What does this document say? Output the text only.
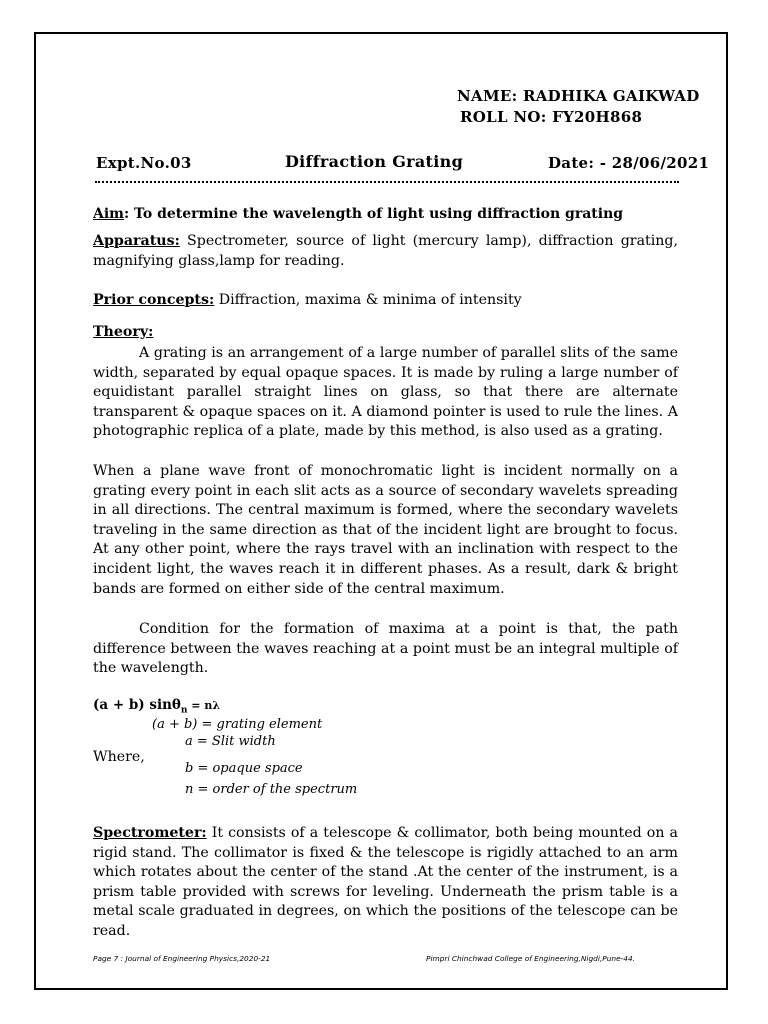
NAME: RADHIKA GAIKWAD
ROLL NO: FY20H868
Expt.No.03	Diffraction Grating	Date: - 28/06/2021
Aim: To determine the wavelength of light using diffraction grating
Apparatus: Spectrometer, source of light (mercury lamp), diffraction grating, magnifying glass,lamp for reading.
Prior concepts: Diffraction, maxima & minima of intensity
Theory:
A grating is an arrangement of a large number of parallel slits of the same width, separated by equal opaque spaces. It is made by ruling a large number of equidistant parallel straight lines on glass, so that there are alternate transparent & opaque spaces on it. A diamond pointer is used to rule the lines. A photographic replica of a plate, made by this method, is also used as a grating.
When a plane wave front of monochromatic light is incident normally on a grating every point in each slit acts as a source of secondary wavelets spreading in all directions. The central maximum is formed, where the secondary wavelets traveling in the same direction as that of the incident light are brought to focus. At any other point, where the rays travel with an inclination with respect to the incident light, the waves reach it in different phases. As a result, dark & bright bands are formed on either side of the central maximum.
Condition for the formation of maxima at a point is that, the path difference between the waves reaching at a point must be an integral multiple of the wavelength.
(a + b) sinθ$_n$ = nλ
(a + b) = grating element
a = Slit width
Where,
b = opaque space
n = order of the spectrum
Spectrometer: It consists of a telescope & collimator, both being mounted on a rigid stand. The collimator is fixed & the telescope is rigidly attached to an arm which rotates about the center of the stand .At the center of the instrument, is a prism table provided with screws for leveling. Underneath the prism table is a metal scale graduated in degrees, on which the positions of the telescope can be read.
Page 7 : Journal of Engineering Physics,2020-21	Pimpri Chinchwad College of Engineering,Nigdi,Pune-44.
